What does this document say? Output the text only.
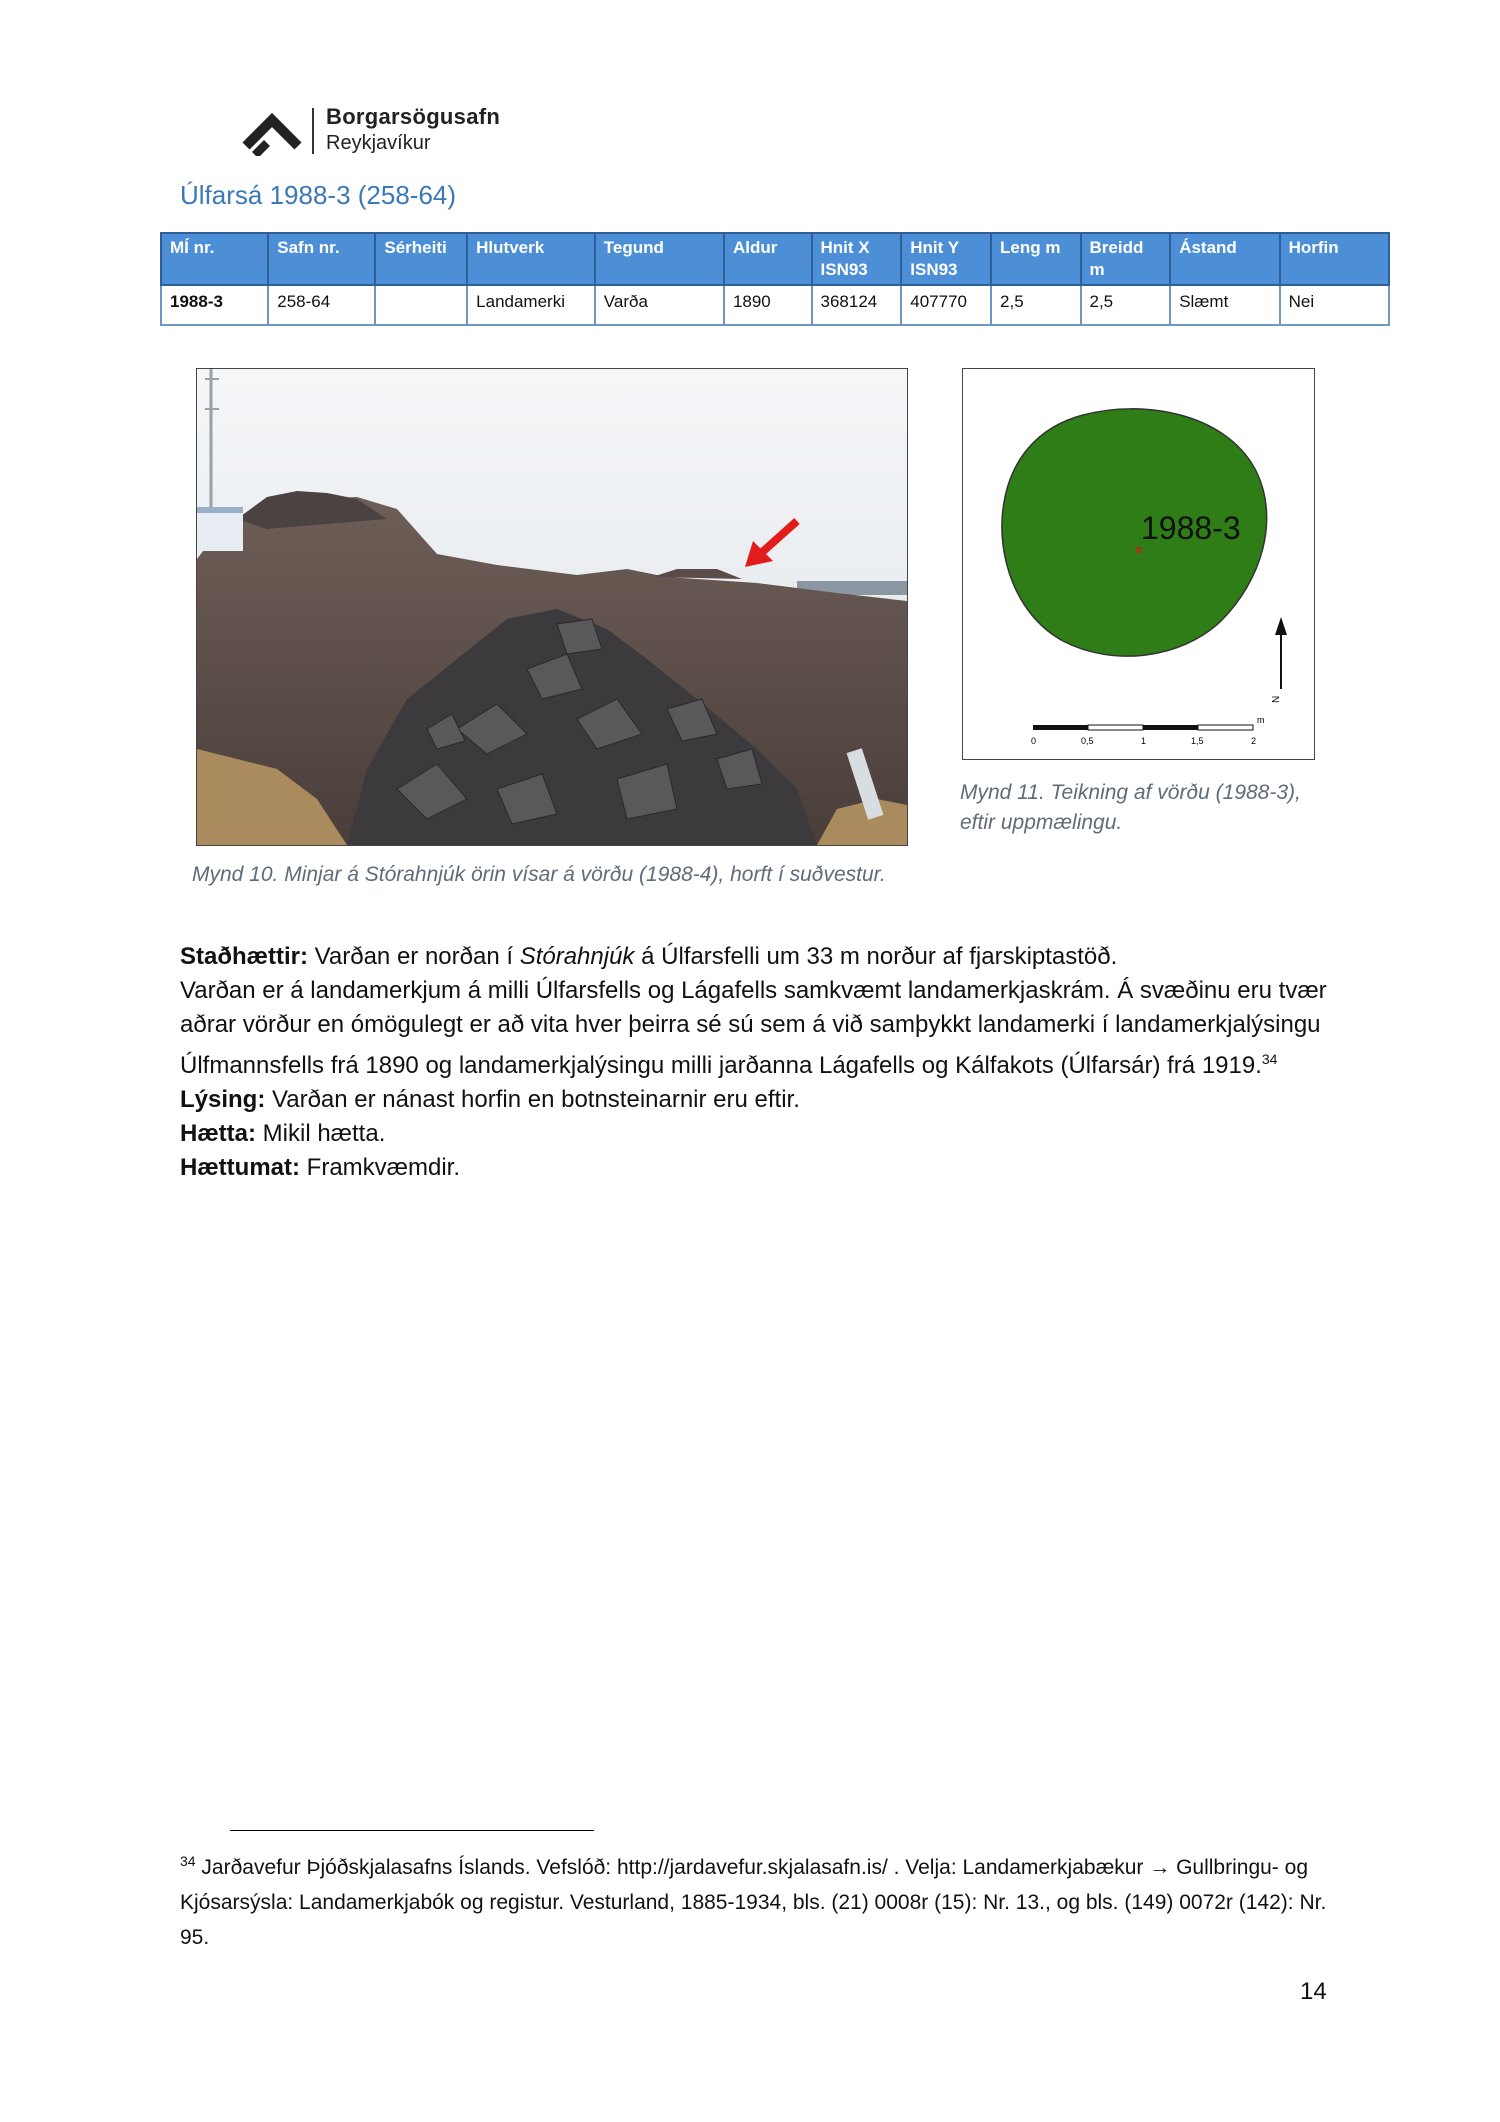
Borgarsögusafn
Reykjavíkur
Úlfarsá 1988-3 (258-64)
MÍ nr.	Safn nr.	Sérheiti	Hlutverk	Tegund	Aldur	Hnit X ISN93	Hnit Y ISN93	Leng m	Breidd m	Ástand	Horfin
1988-3	258-64		Landamerki	Varða	1890	368124	407770	2,5	2,5	Slæmt	Nei
Mynd 10. Minjar á Stórahnjúk örin vísar á vörðu (1988-4), horft í suðvestur.
1988-3
N
0	0,5	1	1,5	2
m
Mynd 11. Teikning af vörðu (1988-3), eftir uppmælingu.

Staðhættir: Varðan er norðan í Stórahnjúk á Úlfarsfelli um 33 m norður af fjarskiptastöð.

Varðan er á landamerkjum á milli Úlfarsfells og Lágafells samkvæmt landamerkjaskrám. Á svæðinu eru tvær aðrar vörður en ómögulegt er að vita hver þeirra sé sú sem á við samþykkt landamerki í landamerkjalýsingu Úlfmannsfells frá 1890 og landamerkjalýsingu milli jarðanna Lágafells og Kálfakots (Úlfarsár) frá 1919.34

Lýsing: Varðan er nánast horfin en botnsteinarnir eru eftir.

Hætta: Mikil hætta.

Hættumat: Framkvæmdir.

$^{34}$ Jarðavefur Þjóðskjalasafns Íslands. Vefslóð: http://jardavefur.skjalasafn.is/ . Velja: Landamerkjabækur → Gullbringu- og Kjósarsýsla: Landamerkjabók og registur. Vesturland, 1885-1934, bls. (21) 0008r (15): Nr. 13., og bls. (149) 0072r (142): Nr. 95.
14
